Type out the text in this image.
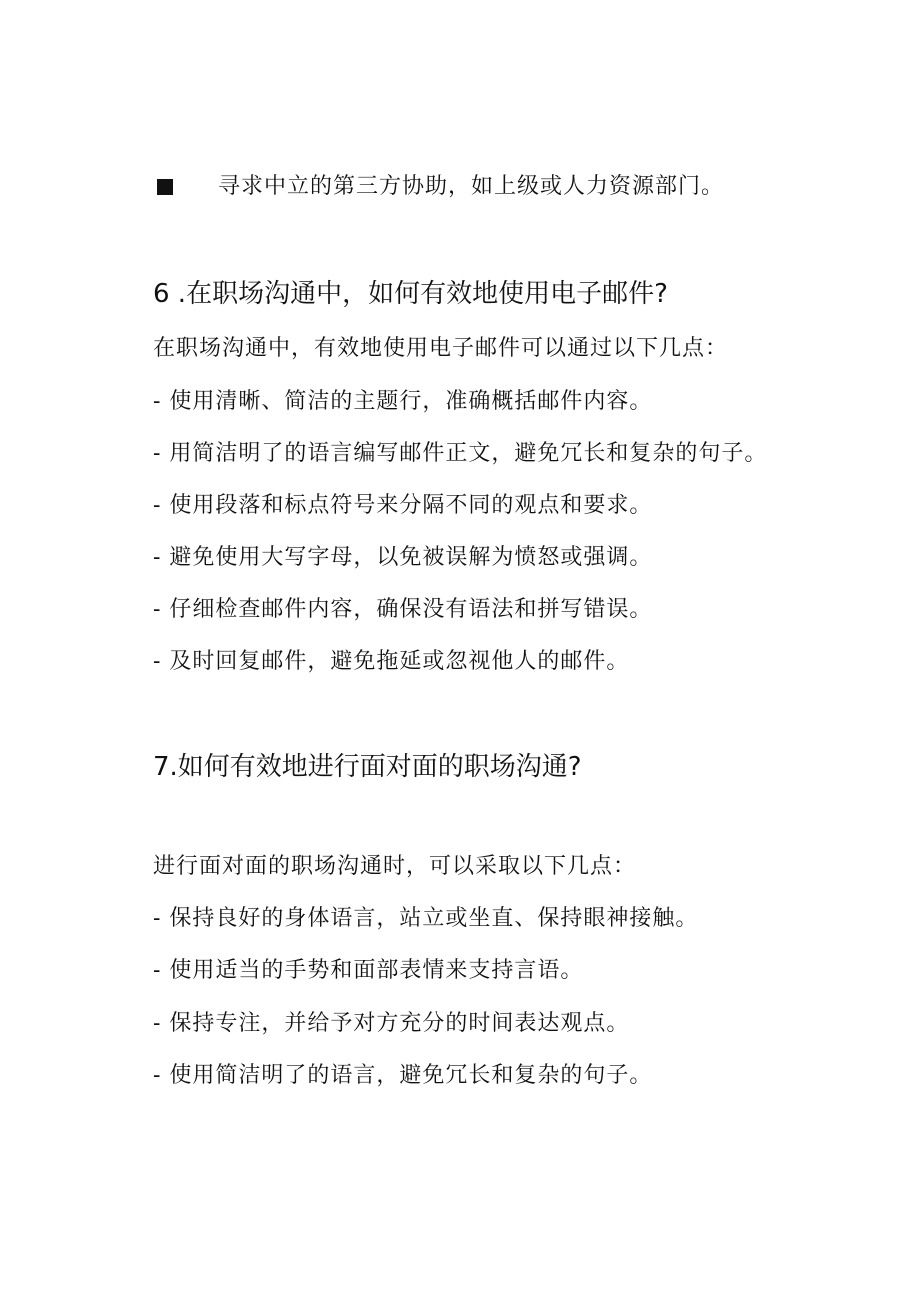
寻求中立的第三方协助，如上级或人力资源部门。
6 .在职场沟通中，如何有效地使用电子邮件?
在职场沟通中，有效地使用电子邮件可以通过以下几点：
- 使用清晰、简洁的主题行，准确概括邮件内容。
- 用简洁明了的语言编写邮件正文，避免冗长和复杂的句子。
- 使用段落和标点符号来分隔不同的观点和要求。
- 避免使用大写字母，以免被误解为愤怒或强调。
- 仔细检查邮件内容，确保没有语法和拼写错误。
- 及时回复邮件，避免拖延或忽视他人的邮件。
7.如何有效地进行面对面的职场沟通?
进行面对面的职场沟通时，可以采取以下几点：
- 保持良好的身体语言，站立或坐直、保持眼神接触。
- 使用适当的手势和面部表情来支持言语。
- 保持专注，并给予对方充分的时间表达观点。
- 使用简洁明了的语言，避免冗长和复杂的句子。
